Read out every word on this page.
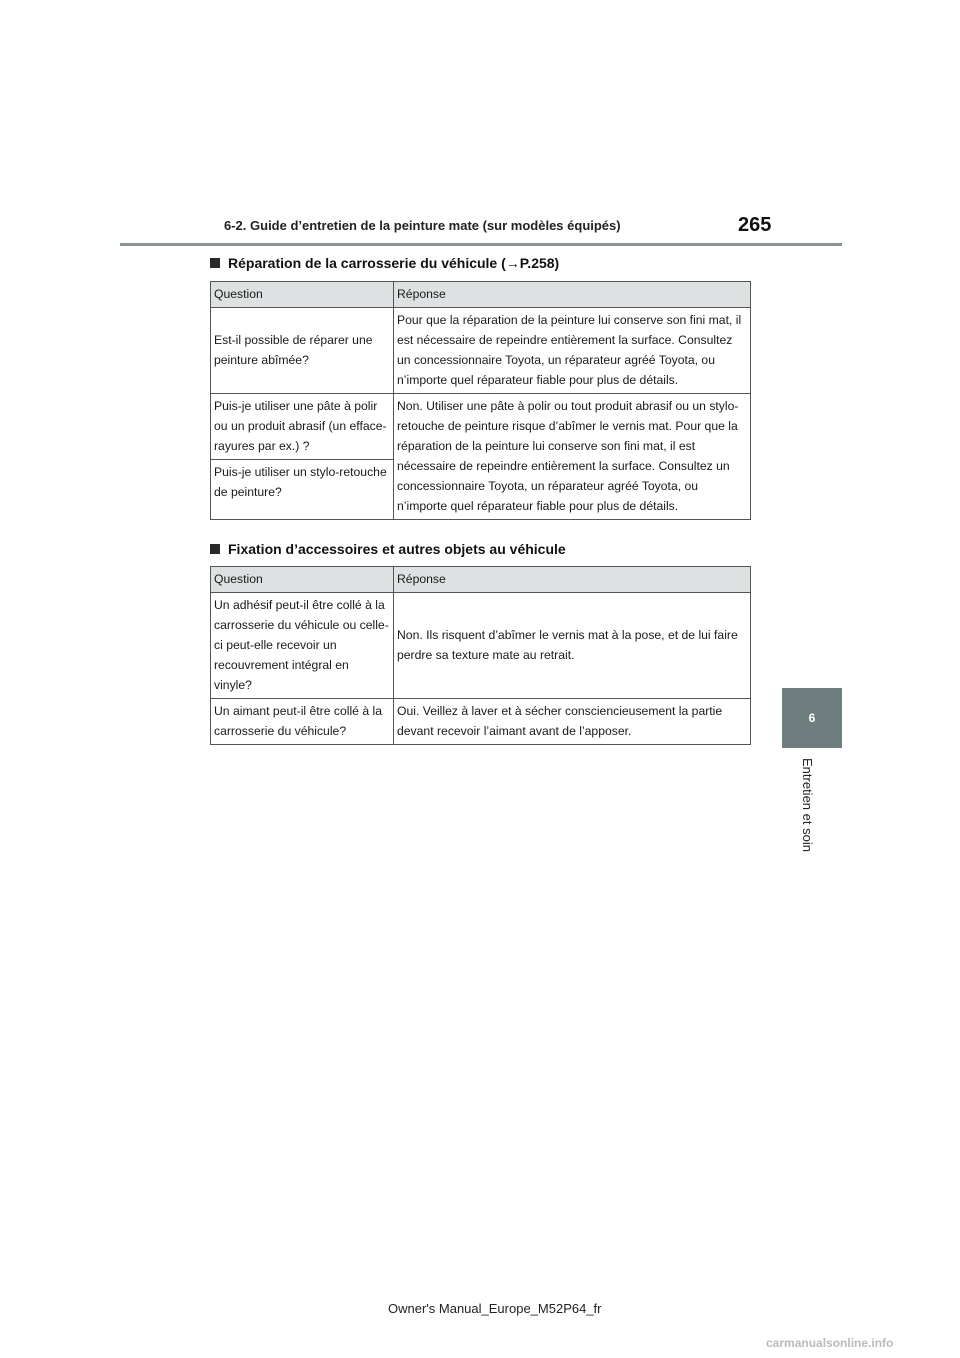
6-2. Guide d’entretien de la peinture mate (sur modèles équipés)	265
6
Entretien et soin
Réparation de la carrosserie du véhicule (→P.258)
Question	Réponse
Est-il possible de réparer une peinture abîmée?	Pour que la réparation de la peinture lui conserve son fini mat, il est nécessaire de repeindre entièrement la surface. Consultez un concessionnaire Toyota, un réparateur agréé Toyota, ou n’importe quel réparateur fiable pour plus de détails.
Puis-je utiliser une pâte à polir ou un produit abrasif (un efface-rayures par ex.) ?	Non. Utiliser une pâte à polir ou tout produit abrasif ou un stylo-retouche de peinture risque d’abîmer le vernis mat. Pour que la réparation de la peinture lui conserve son fini mat, il est nécessaire de repeindre entièrement la surface. Consultez un concessionnaire Toyota, un réparateur agréé Toyota, ou n’importe quel réparateur fiable pour plus de détails.
Puis-je utiliser un stylo-retouche de peinture?	
Fixation d’accessoires et autres objets au véhicule
Question	Réponse
Un adhésif peut-il être collé à la carrosserie du véhicule ou celle-ci peut-elle recevoir un recouvrement intégral en vinyle?	Non. Ils risquent d’abîmer le vernis mat à la pose, et de lui faire perdre sa texture mate au retrait.
Un aimant peut-il être collé à la carrosserie du véhicule?	Oui. Veillez à laver et à sécher consciencieusement la partie devant recevoir l’aimant avant de l’apposer.
Owner's Manual_Europe_M52P64_fr
carmanualsonline.info
